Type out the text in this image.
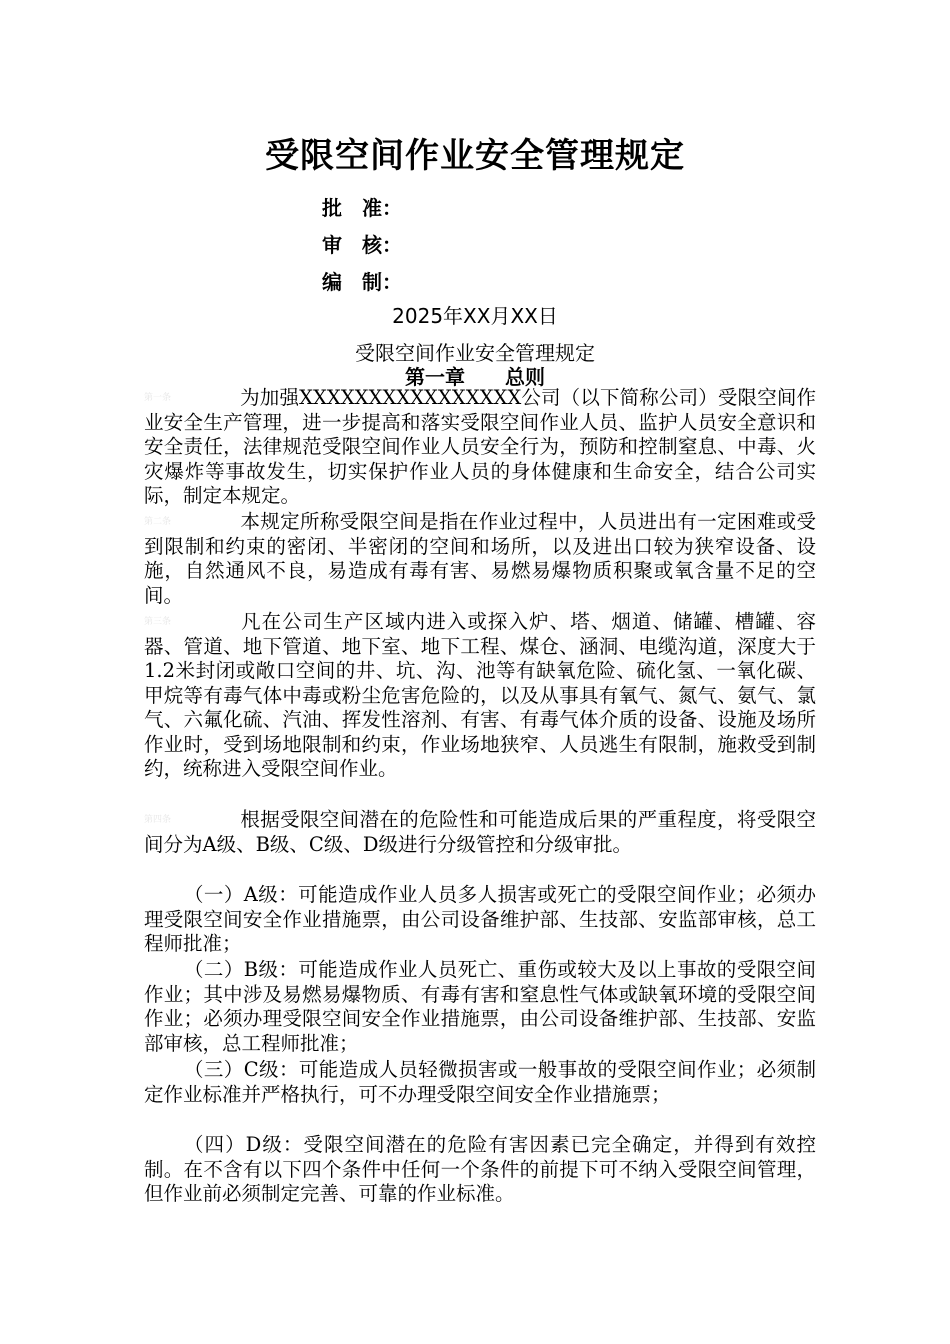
受限空间作业安全管理规定
批　准：
审　核：
编　制：
2025年XX月XX日
受限空间作业安全管理规定
第一章 总则
第一条	为加强XXXXXXXXXXXXXXXX公司（以下简称公司）受限空间作业安全生产管理，进一步提高和落实受限空间作业人员、监护人员安全意识和安全责任，法律规范受限空间作业人员安全行为，预防和控制窒息、中毒、火灾爆炸等事故发生，切实保护作业人员的身体健康和生命安全，结合公司实际，制定本规定。
第二条	本规定所称受限空间是指在作业过程中，人员进出有一定困难或受到限制和约束的密闭、半密闭的空间和场所，以及进出口较为狭窄设备、设施，自然通风不良，易造成有毒有害、易燃易爆物质积聚或氧含量不足的空间。
第三条	凡在公司生产区域内进入或探入炉、塔、烟道、储罐、槽罐、容器、管道、地下管道、地下室、地下工程、煤仓、涵洞、电缆沟道，深度大于1.2米封闭或敞口空间的井、坑、沟、池等有缺氧危险、硫化氢、一氧化碳、甲烷等有毒气体中毒或粉尘危害危险的，以及从事具有氧气、氮气、氨气、氯气、六氟化硫、汽油、挥发性溶剂、有害、有毒气体介质的设备、设施及场所作业时，受到场地限制和约束，作业场地狭窄、人员逃生有限制，施救受到制约，统称进入受限空间作业。
第四条	根据受限空间潜在的危险性和可能造成后果的严重程度，将受限空间分为A级、B级、C级、D级进行分级管控和分级审批。
（一）A级：可能造成作业人员多人损害或死亡的受限空间作业；必须办理受限空间安全作业措施票，由公司设备维护部、生技部、安监部审核，总工程师批准；
（二）B级：可能造成作业人员死亡、重伤或较大及以上事故的受限空间作业；其中涉及易燃易爆物质、有毒有害和窒息性气体或缺氧环境的受限空间作业；必须办理受限空间安全作业措施票，由公司设备维护部、生技部、安监部审核，总工程师批准；
（三）C级：可能造成人员轻微损害或一般事故的受限空间作业；必须制定作业标准并严格执行，可不办理受限空间安全作业措施票；
（四）D级：受限空间潜在的危险有害因素已完全确定，并得到有效控制。在不含有以下四个条件中任何一个条件的前提下可不纳入受限空间管理，但作业前必须制定完善、可靠的作业标准。
